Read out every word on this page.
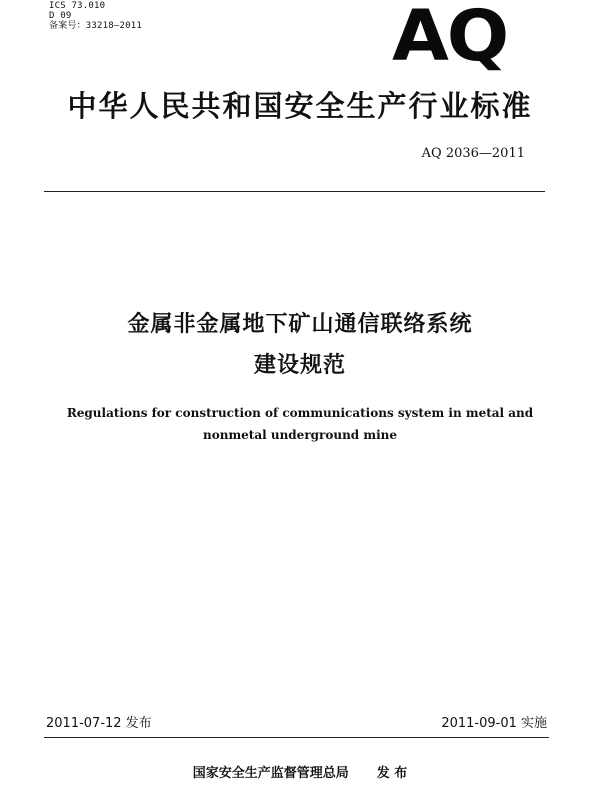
ICS 73.010
D 09
备案号：33218—2011	AQ
中华人民共和国安全生产行业标准
AQ 2036—2011
金属非金属地下矿山通信联络系统
建设规范
Regulations for construction of communications system in metal and
nonmetal underground mine
2011-07-12 发布	2011-09-01 实施
国家安全生产监督管理总局 发 布
